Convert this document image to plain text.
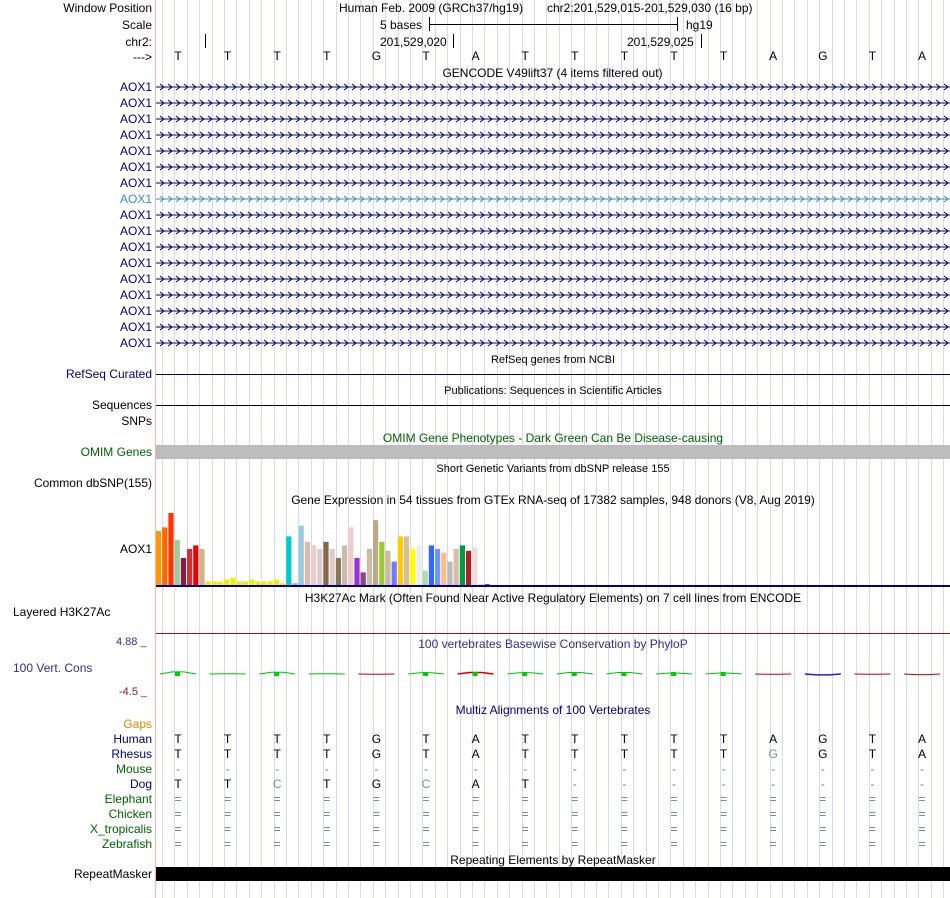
Window Position	Human Feb. 2009 (GRCh37/hg19) chr2:201,529,015-201,529,030 (16 bp)
Scale	5 bases	hg19
chr2:	201,529,020	201,529,025
--->	T	T	T	T	G	T	A	T	T	T	T	T	A	G	T	A
GENCODE V49lift37 (4 items filtered out)
AOX1
AOX1
AOX1
AOX1
AOX1
AOX1
AOX1
AOX1
AOX1
AOX1
AOX1
AOX1
AOX1
AOX1
AOX1
AOX1
AOX1
RefSeq genes from NCBI
RefSeq Curated
Publications: Sequences in Scientific Articles
Sequences
SNPs
OMIM Gene Phenotypes - Dark Green Can Be Disease-causing
OMIM Genes
Short Genetic Variants from dbSNP release 155
Common dbSNP(155)
Gene Expression in 54 tissues from GTEx RNA-seq of 17382 samples, 948 donors (V8, Aug 2019)
AOX1
H3K27Ac Mark (Often Found Near Active Regulatory Elements) on 7 cell lines from ENCODE
Layered H3K27Ac
100 vertebrates Basewise Conservation by PhyloP
4.88 _
100 Vert. Cons
-4.5 _
Multiz Alignments of 100 Vertebrates
Gaps
Human	T	T	T	T	G	T	A	T	T	T	T	T	A	G	T	A
Rhesus	T	T	T	T	G	T	A	T	T	T	T	T	G	G	T	A
Mouse	-	-	-	-	-	-	-	-	-	-	-	-	-	-	-	-
Dog	T	T	C	T	G	C	A	T	-	-	-	-	-	-	-	-
Elephant	=	=	=	=	=	=	=	=	=	=	=	=	=	=	=	=
Chicken	=	=	=	=	=	=	=	=	=	=	=	=	=	=	=	=
X_tropicalis	=	=	=	=	=	=	=	=	=	=	=	=	=	=	=	=
Zebrafish	=	=	=	=	=	=	=	=	=	=	=	=	=	=	=	=
Repeating Elements by RepeatMasker
RepeatMasker
